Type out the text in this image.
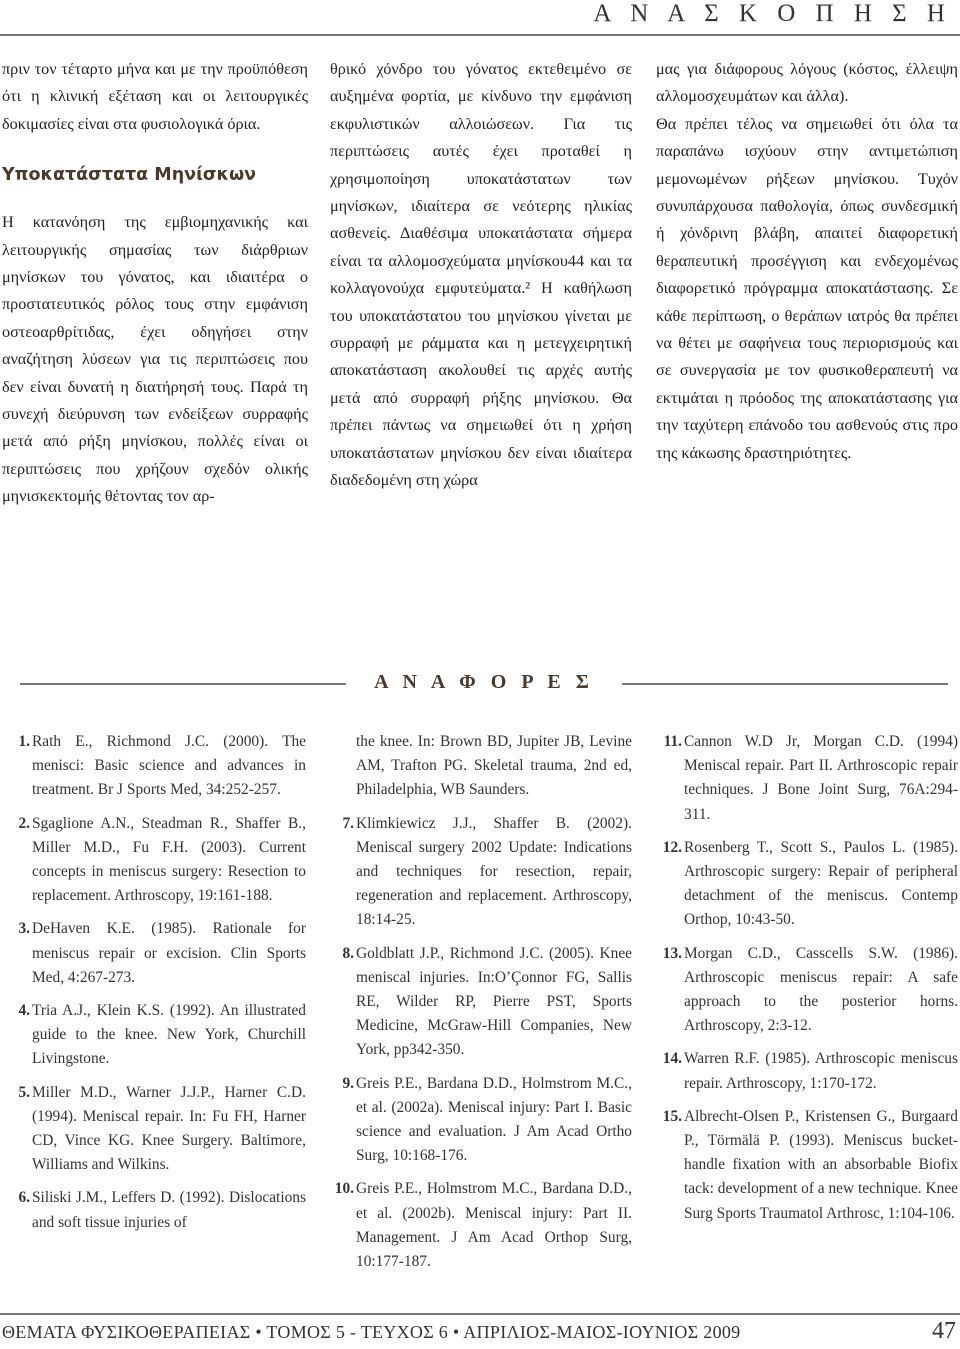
Α Ν Α Σ Κ Ο Π Η Σ Η

πριν τον τέταρτο μήνα και με την προϋπόθεση ότι η κλινική εξέταση και οι λειτουργικές δοκιμασίες είναι στα φυσιολογικά όρια.

Υποκατάστατα Μηνίσκων

Η κατανόηση της εμβιομηχανικής και λειτουργικής σημασίας των διάρθριων μηνίσκων του γόνατος, και ιδιαιτέρα ο προστατευτικός ρόλος τους στην εμφάνιση οστεοαρθρίτιδας, έχει οδηγήσει στην αναζήτηση λύσεων για τις περιπτώσεις που δεν είναι δυνατή η διατήρησή τους. Παρά τη συνεχή διεύρυνση των ενδείξεων συρραφής μετά από ρήξη μηνίσκου, πολλές είναι οι περιπτώσεις που χρήζουν σχεδόν ολικής μηνισκεκτομής θέτοντας τον αρ-

θρικό χόνδρο του γόνατος εκτεθειμένο σε αυξημένα φορτία, με κίνδυνο την εμφάνιση εκφυλιστικών αλλοιώσεων. Για τις περιπτώσεις αυτές έχει προταθεί η χρησιμοποίηση υποκατάστατων των μηνίσκων, ιδιαίτερα σε νεότερης ηλικίας ασθενείς. Διαθέσιμα υποκατάστατα σήμερα είναι τα αλλομοσχεύματα μηνίσκου44 και τα κολλαγονούχα εμφυτεύματα.² Η καθήλωση του υποκατάστατου του μηνίσκου γίνεται με συρραφή με ράμματα και η μετεγχειρητική αποκατάσταση ακολουθεί τις αρχές αυτής μετά από συρραφή ρήξης μηνίσκου. Θα πρέπει πάντως να σημειωθεί ότι η χρήση υποκατάστατων μηνίσκου δεν είναι ιδιαίτερα διαδεδομένη στη χώρα

μας για διάφορους λόγους (κόστος, έλλειψη αλλομοσχευμάτων και άλλα).

Θα πρέπει τέλος να σημειωθεί ότι όλα τα παραπάνω ισχύουν στην αντιμετώπιση μεμονωμένων ρήξεων μηνίσκου. Τυχόν συνυπάρχουσα παθολογία, όπως συνδεσμική ή χόνδρινη βλάβη, απαιτεί διαφορετική θεραπευτική προσέγγιση και ενδεχομένως διαφορετικό πρόγραμμα αποκατάστασης. Σε κάθε περίπτωση, ο θεράπων ιατρός θα πρέπει να θέτει με σαφήνεια τους περιορισμούς και σε συνεργασία με τον φυσικοθεραπευτή να εκτιμάται η πρόοδος της αποκατάστασης για την ταχύτερη επάνοδο του ασθενούς στις προ της κάκωσης δραστηριότητες.

Α Ν Α Φ Ο Ρ Ε Σ
1. Rath E., Richmond J.C. (2000). The menisci: Basic science and advances in treatment. Br J Sports Med, 34:252-257.
2. Sgaglione A.N., Steadman R., Shaffer B., Miller M.D., Fu F.H. (2003). Current concepts in meniscus surgery: Resection to replacement. Arthroscopy, 19:161-188.
3. DeHaven K.E. (1985). Rationale for meniscus repair or excision. Clin Sports Med, 4:267-273.
4. Tria A.J., Klein K.S. (1992). An illustrated guide to the knee. New York, Churchill Livingstone.
5. Miller M.D., Warner J.J.P., Harner C.D. (1994). Meniscal repair. In: Fu FH, Harner CD, Vince KG. Knee Surgery. Baltimore, Williams and Wilkins.
6. Siliski J.M., Leffers D. (1992). Dislocations and soft tissue injuries of
the knee. In: Brown BD, Jupiter JB, Levine AM, Trafton PG. Skeletal trauma, 2nd ed, Philadelphia, WB Saunders.
7. Klimkiewicz J.J., Shaffer B. (2002). Meniscal surgery 2002 Update: Indications and techniques for resection, repair, regeneration and replacement. Arthroscopy, 18:14-25.
8. Goldblatt J.P., Richmond J.C. (2005). Knee meniscal injuries. In:O’Çonnor FG, Sallis RE, Wilder RP, Pierre PST, Sports Medicine, McGraw-Hill Companies, New York, pp342-350.
9. Greis P.E., Bardana D.D., Holmstrom M.C., et al. (2002a). Meniscal injury: Part I. Basic science and evaluation. J Am Acad Ortho Surg, 10:168-176.
10. Greis P.E., Holmstrom M.C., Bardana D.D., et al. (2002b). Meniscal injury: Part II. Management. J Am Acad Orthop Surg, 10:177-187.
11. Cannon W.D Jr, Morgan C.D. (1994) Meniscal repair. Part II. Arthroscopic repair techniques. J Bone Joint Surg, 76A:294-311.
12. Rosenberg T., Scott S., Paulos L. (1985). Arthroscopic surgery: Repair of peripheral detachment of the meniscus. Contemp Orthop, 10:43-50.
13. Morgan C.D., Casscells S.W. (1986). Arthroscopic meniscus repair: A safe approach to the posterior horns. Arthroscopy, 2:3-12.
14. Warren R.F. (1985). Arthroscopic meniscus repair. Arthroscopy, 1:170-172.
15. Albrecht-Olsen P., Kristensen G., Burgaard P., Törmälä P. (1993). Meniscus bucket-handle fixation with an absorbable Biofix tack: development of a new technique. Knee Surg Sports Traumatol Arthrosc, 1:104-106.
ΘΕΜΑΤΑ ΦΥΣΙΚΟΘΕΡΑΠΕΙΑΣ • ΤΟΜΟΣ 5 - ΤΕΥΧΟΣ 6 • ΑΠΡΙΛΙΟΣ-ΜΑΙΟΣ-ΙΟΥΝΙΟΣ 2009	47
